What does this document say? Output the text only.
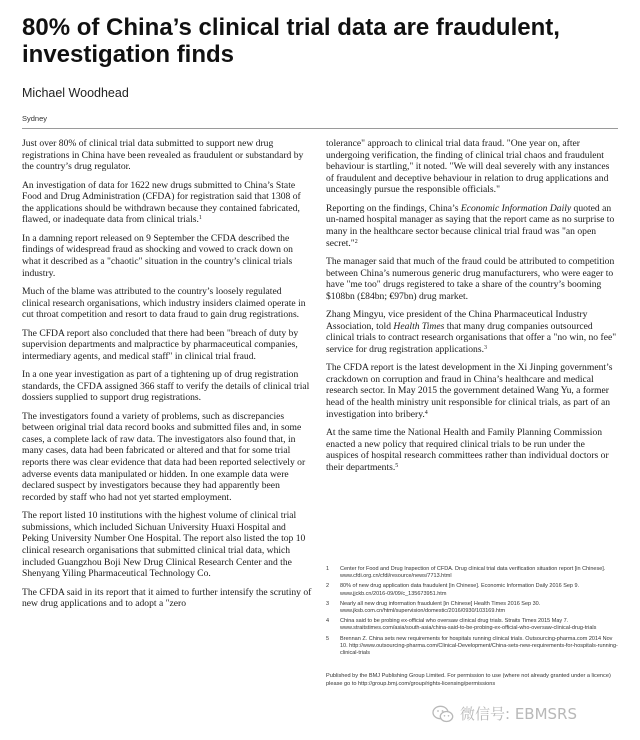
80% of China’s clinical trial data are fraudulent, investigation finds
Michael Woodhead
Sydney

Just over 80% of clinical trial data submitted to support new drug registrations in China have been revealed as fraudulent or substandard by the country’s drug regulator.

An investigation of data for 1622 new drugs submitted to China’s State Food and Drug Administration (CFDA) for registration said that 1308 of the applications should be withdrawn because they contained fabricated, flawed, or inadequate data from clinical trials.$^1$

In a damning report released on 9 September the CFDA described the findings of widespread fraud as shocking and vowed to crack down on what it described as a "chaotic" situation in the country’s clinical trials industry.

Much of the blame was attributed to the country’s loosely regulated clinical research organisations, which industry insiders claimed operate in cut throat competition and resort to data fraud to gain drug registrations.

The CFDA report also concluded that there had been "breach of duty by supervision departments and malpractice by pharmaceutical companies, intermediary agents, and medical staff" in clinical trial fraud.

In a one year investigation as part of a tightening up of drug registration standards, the CFDA assigned 366 staff to verify the details of clinical trial dossiers supplied to support drug registrations.

The investigators found a variety of problems, such as discrepancies between original trial data record books and submitted files and, in some cases, a complete lack of raw data. The investigators also found that, in many cases, data had been fabricated or altered and that for some trial reports there was clear evidence that data had been reported selectively or adverse events data manipulated or hidden. In one example data were declared suspect by investigators because they had apparently been recorded by staff who had not yet started employment.

The report listed 10 institutions with the highest volume of clinical trial submissions, which included Sichuan University Huaxi Hospital and Peking University Number One Hospital. The report also listed the top 10 clinical research organisations that submitted clinical trial data, which included Guangzhou Boji New Drug Clinical Research Center and the Shenyang Yiling Pharmaceutical Technology Co.

The CFDA said in its report that it aimed to further intensify the scrutiny of new drug applications and to adopt a "zero

tolerance" approach to clinical trial data fraud. "One year on, after undergoing verification, the finding of clinical trial chaos and fraudulent behaviour is startling," it noted. "We will deal severely with any instances of fraudulent and deceptive behaviour in relation to drug applications and unceasingly pursue the responsible officials."

Reporting on the findings, China’s Economic Information Daily quoted an un-named hospital manager as saying that the report came as no surprise to many in the healthcare sector because clinical trial fraud was "an open secret."$^2$

The manager said that much of the fraud could be attributed to competition between China’s numerous generic drug manufacturers, who were eager to have "me too" drugs registered to take a share of the country’s booming $108bn (£84bn; €97bn) drug market.

Zhang Mingyu, vice president of the China Pharmaceutical Industry Association, told Health Times that many drug companies outsourced clinical trials to contract research organisations that offer a "no win, no fee" service for drug registration applications.$^3$

The CFDA report is the latest development in the Xi Jinping government’s crackdown on corruption and fraud in China’s healthcare and medical research sector. In May 2015 the government detained Wang Yu, a former head of the health ministry unit responsible for clinical trials, as part of an investigation into bribery.$^4$

At the same time the National Health and Family Planning Commission enacted a new policy that required clinical trials to be run under the auspices of hospital research committees rather than individual doctors or their departments.$^5$

1	Center for Food and Drug Inspection of CFDA. Drug clinical trial data verification situation report [in Chinese]. www.cfdi.org.cn/cfdi/resource/news/7713.html
2	80% of new drug application data fraudulent [in Chinese]. Economic Information Daily 2016 Sep 9. www.jjckb.cn/2016-09/09/c_135673951.htm
3	Nearly all new drug information fraudulent [in Chinese] Health Times 2016 Sep 30. www.jksb.com.cn/html/supervision/domestic/2016/0930/103169.htm
4	China said to be probing ex-official who oversaw clinical drug trials. Straits Times 2015 May 7. www.straitstimes.com/asia/south-asia/china-said-to-be-probing-ex-official-who-oversaw-clinical-drug-trials
5	Brennan Z. China sets new requirements for hospitals running clinical trials. Outsourcing-pharma.com 2014 Nov 10. http://www.outsourcing-pharma.com/Clinical-Development/China-sets-new-requirements-for-hospitals-running-clinical-trials
Published by the BMJ Publishing Group Limited. For permission to use (where not already granted under a licence) please go to http://group.bmj.com/group/rights-licensing/permissions
微信号: EBMSRS
